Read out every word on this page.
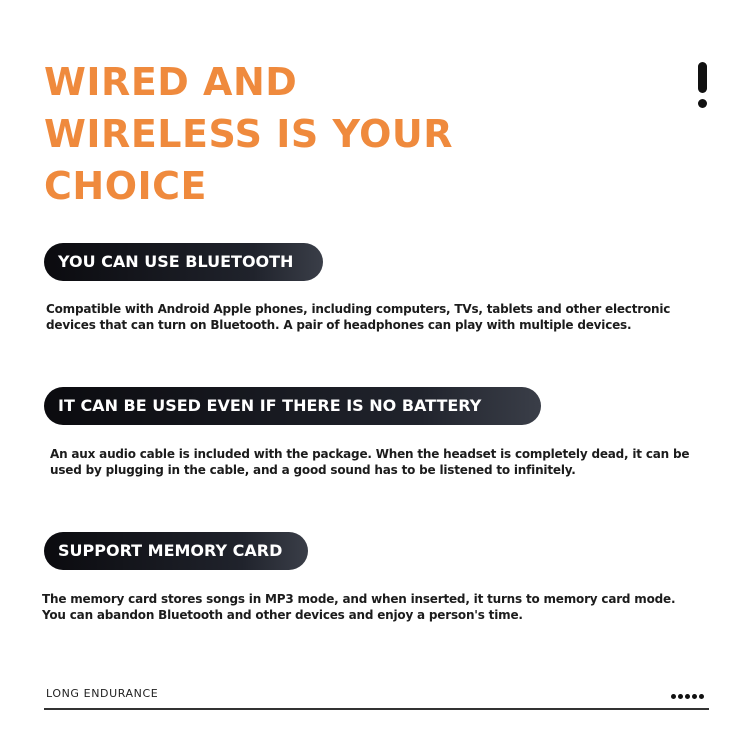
WIRED AND
WIRELESS IS YOUR
CHOICE
YOU CAN USE BLUETOOTH
Compatible with Android Apple phones, including computers, TVs, tablets and other electronic
devices that can turn on Bluetooth. A pair of headphones can play with multiple devices.
IT CAN BE USED EVEN IF THERE IS NO BATTERY
An aux audio cable is included with the package. When the headset is completely dead, it can be
used by plugging in the cable, and a good sound has to be listened to infinitely.
SUPPORT MEMORY CARD
The memory card stores songs in MP3 mode, and when inserted, it turns to memory card mode.
You can abandon Bluetooth and other devices and enjoy a person's time.
LONG ENDURANCE
